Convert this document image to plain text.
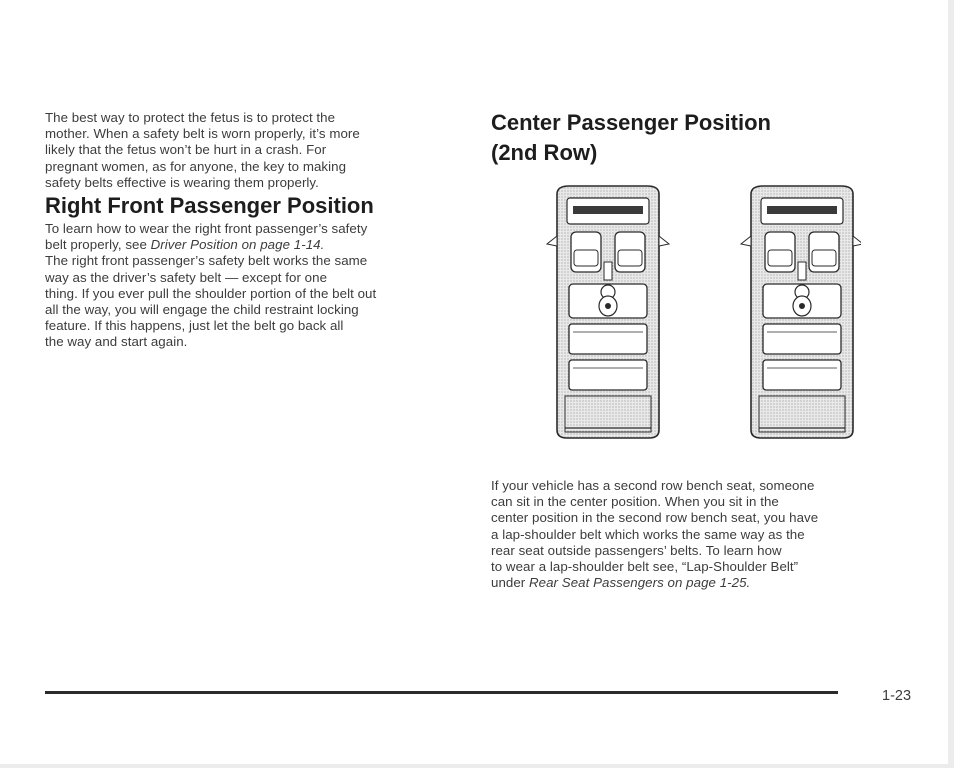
The best way to protect the fetus is to protect the
mother. When a safety belt is worn properly, it’s more
likely that the fetus won’t be hurt in a crash. For
pregnant women, as for anyone, the key to making
safety belts effective is wearing them properly.

Right Front Passenger Position

To learn how to wear the right front passenger’s safety
belt properly, see Driver Position on page 1-14.

The right front passenger’s safety belt works the same
way as the driver’s safety belt — except for one
thing. If you ever pull the shoulder portion of the belt out
all the way, you will engage the child restraint locking
feature. If this happens, just let the belt go back all
the way and start again.

Center Passenger Position
(2nd Row)

If your vehicle has a second row bench seat, someone
can sit in the center position. When you sit in the
center position in the second row bench seat, you have
a lap-shoulder belt which works the same way as the
rear seat outside passengers’ belts. To learn how
to wear a lap-shoulder belt see, “Lap-Shoulder Belt”
under Rear Seat Passengers on page 1-25.

1-23
